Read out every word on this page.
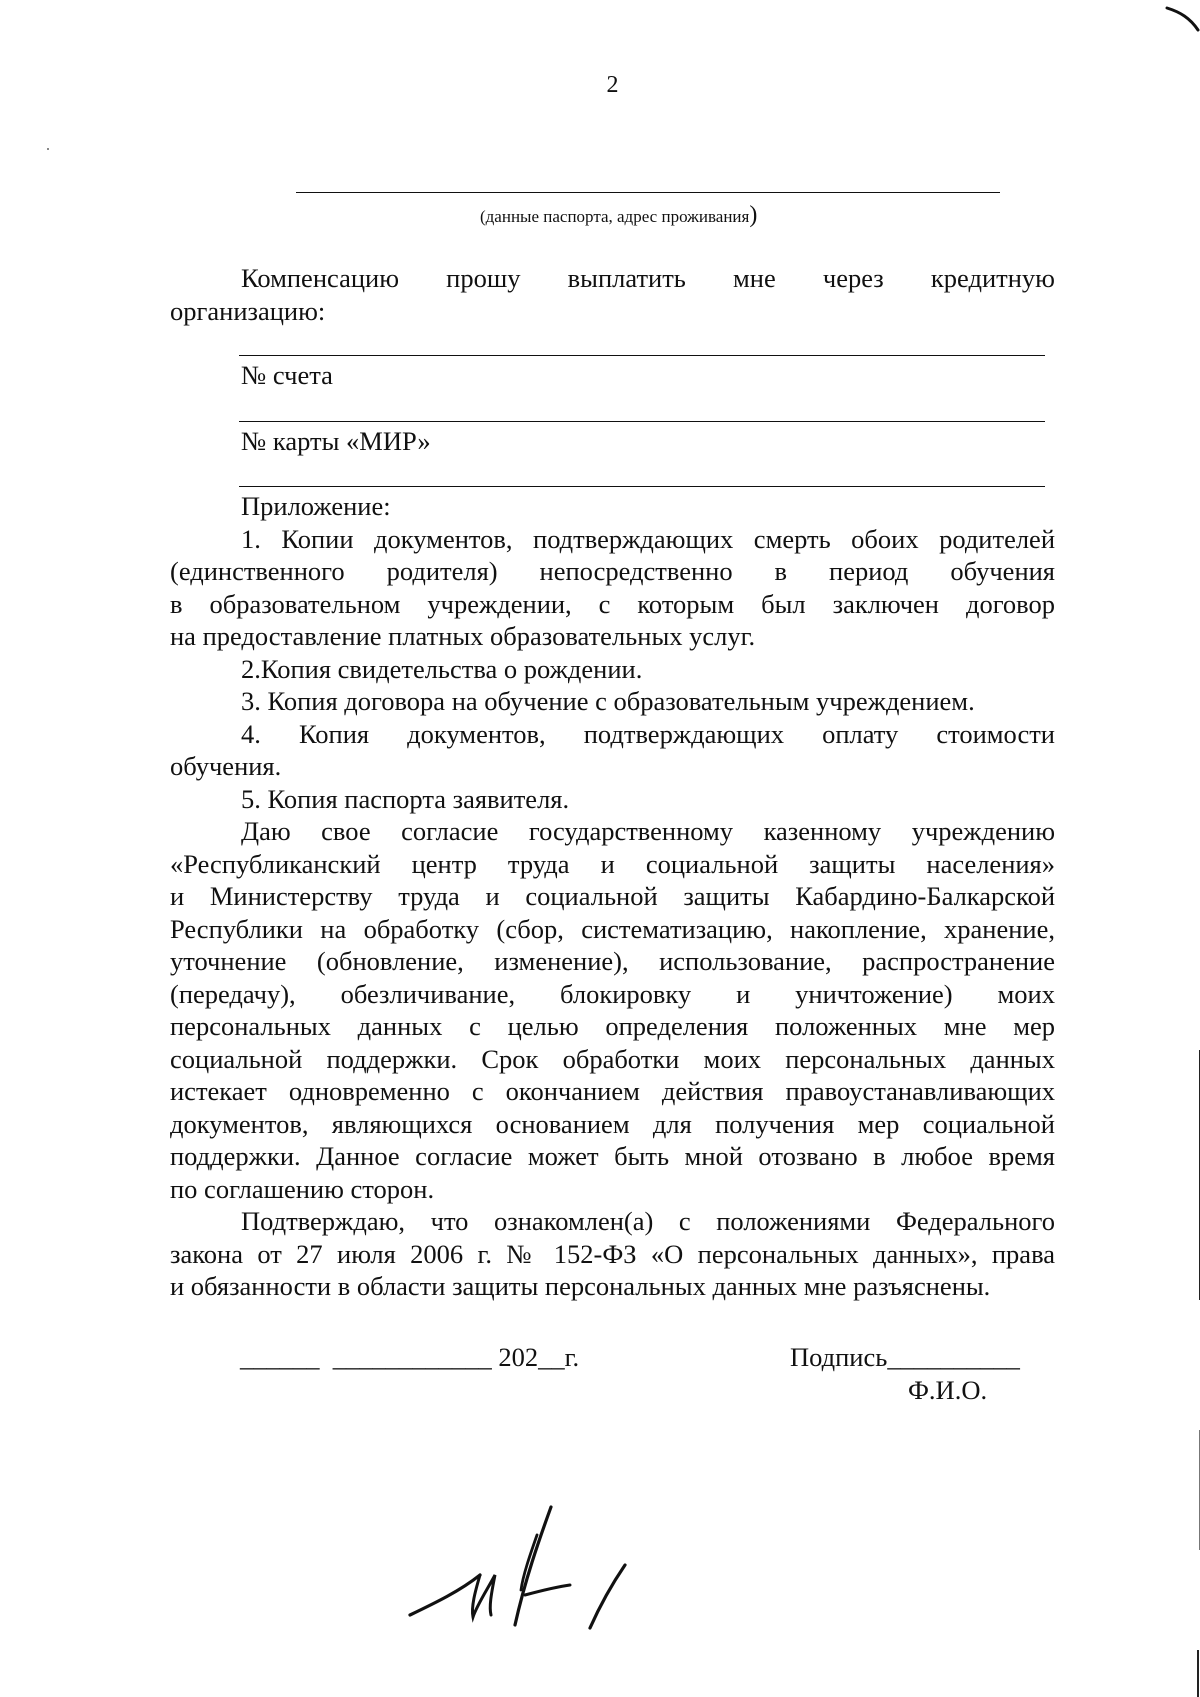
2
(данные паспорта, адрес проживания)
Компенсацию прошу выплатить мне через кредитную
организацию:
№ счета
№ карты «МИР»
Приложение:
1. Копии документов, подтверждающих смерть обоих родителей
(единственного родителя) непосредственно в период обучения
в образовательном учреждении, с которым был заключен договор
на предоставление платных образовательных услуг.
2.Копия свидетельства о рождении.
3. Копия договора на обучение с образовательным учреждением.
4. Копия документов, подтверждающих оплату стоимости
обучения.
5. Копия паспорта заявителя.
Даю свое согласие государственному казенному учреждению
«Республиканский центр труда и социальной защиты населения»
и Министерству труда и социальной защиты Кабардино-Балкарской
Республики на обработку (сбор, систематизацию, накопление, хранение,
уточнение (обновление, изменение), использование, распространение
(передачу), обезличивание, блокировку и уничтожение) моих
персональных данных с целью определения положенных мне мер
социальной поддержки. Срок обработки моих персональных данных
истекает одновременно с окончанием действия правоустанавливающих
документов, являющихся основанием для получения мер социальной
поддержки. Данное согласие может быть мной отозвано в любое время
по соглашению сторон.
Подтверждаю, что ознакомлен(а) с положениями Федерального
закона от 27 июля 2006 г. № 152-ФЗ «О персональных данных», права
и обязанности в области защиты персональных данных мне разъяснены.
______  ____________ 202__г.	Подпись__________
Ф.И.О.
